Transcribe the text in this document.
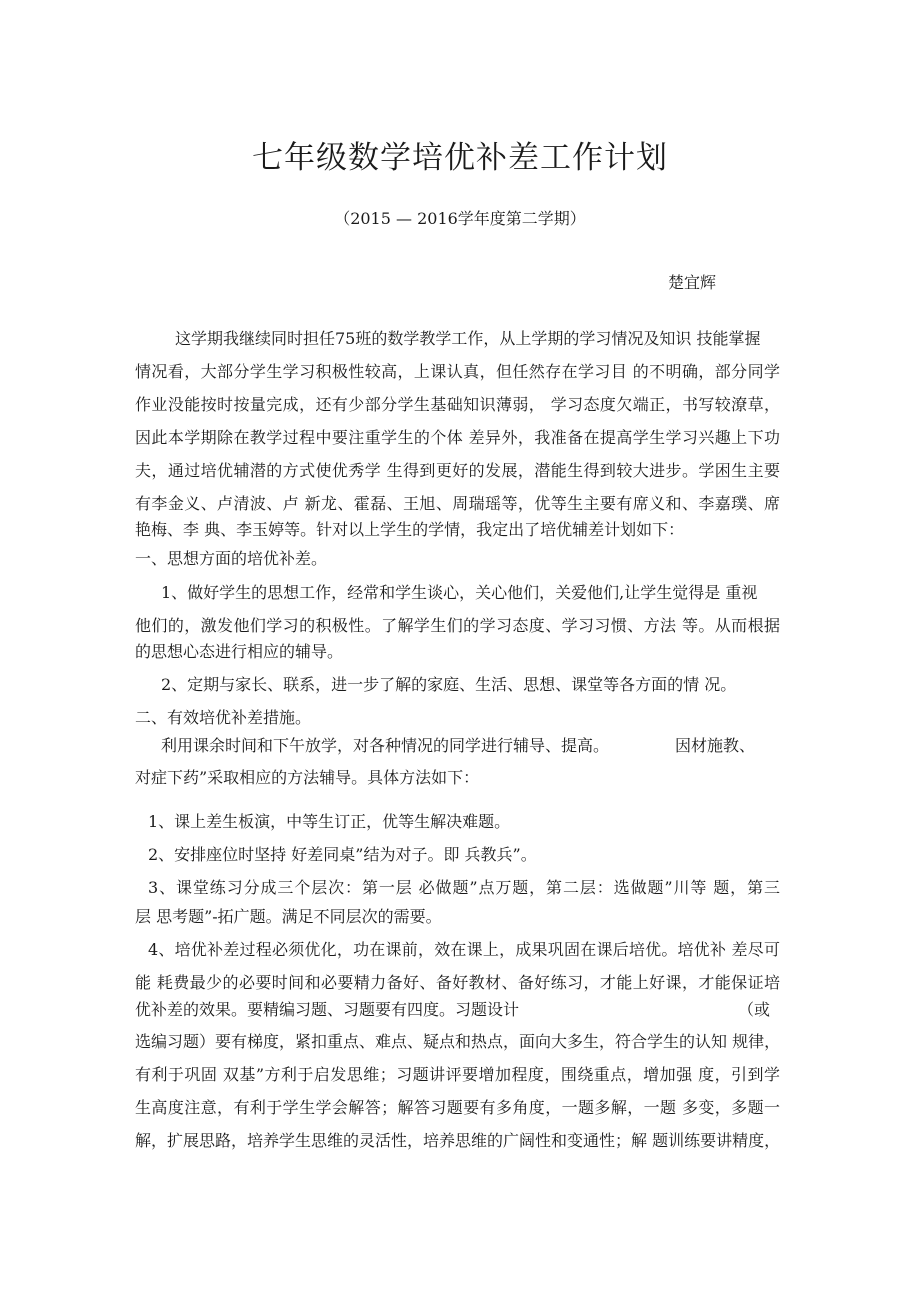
七年级数学培优补差工作计划
（2015 — 2016学年度第二学期）
楚宜辉
这学期我继续同时担任75班的数学教学工作，从上学期的学习情况及知识 技能掌握
情况看，大部分学生学习积极性较高，上课认真，但任然存在学习目 的不明确，部分同学
作业没能按时按量完成，还有少部分学生基础知识薄弱， 学习态度欠端正，书写较潦草，
因此本学期除在教学过程中要注重学生的个体 差异外，我准备在提高学生学习兴趣上下功
夫，通过培优辅潜的方式使优秀学 生得到更好的发展，潜能生得到较大进步。学困生主要
有李金义、卢清波、卢 新龙、霍磊、王旭、周瑞瑶等，优等生主要有席义和、李嘉璞、席
艳梅、李 典、李玉婷等。针对以上学生的学情，我定出了培优辅差计划如下：
一、思想方面的培优补差。
1、做好学生的思想工作，经常和学生谈心，关心他们，关爱他们,让学生觉得是 重视
他们的，激发他们学习的积极性。了解学生们的学习态度、学习习惯、方法 等。从而根据
的思想心态进行相应的辅导。
2、定期与家长、联系，进一步了解的家庭、生活、思想、课堂等各方面的情 况。
二、有效培优补差措施。
利用课余时间和下午放学，对各种情况的同学进行辅导、提高。	因材施教、
对症下药”采取相应的方法辅导。具体方法如下：
1、课上差生板演，中等生订正，优等生解决难题。
2、安排座位时坚持 好差同桌”结为对子。即 兵教兵”。
3、课堂练习分成三个层次：第一层 必做题”点万题，第二层：选做题”川等 题，第三
层 思考题”-拓广题。满足不同层次的需要。
4、培优补差过程必须优化，功在课前，效在课上，成果巩固在课后培优。培优补 差尽可
能 耗费最少的必要时间和必要精力备好、备好教材、备好练习，才能上好课，才能保证培
优补差的效果。要精编习题、习题要有四度。习题设计	（或
选编习题）要有梯度，紧扣重点、难点、疑点和热点，面向大多生，符合学生的认知 规律，
有利于巩固 双基”方利于启发思维；习题讲评要增加程度，围绕重点，增加强 度，引到学
生高度注意，有利于学生学会解答；解答习题要有多角度，一题多解，一题 多变，多题一
解，扩展思路，培养学生思维的灵活性，培养思维的广阔性和变通性；解 题训练要讲精度，
